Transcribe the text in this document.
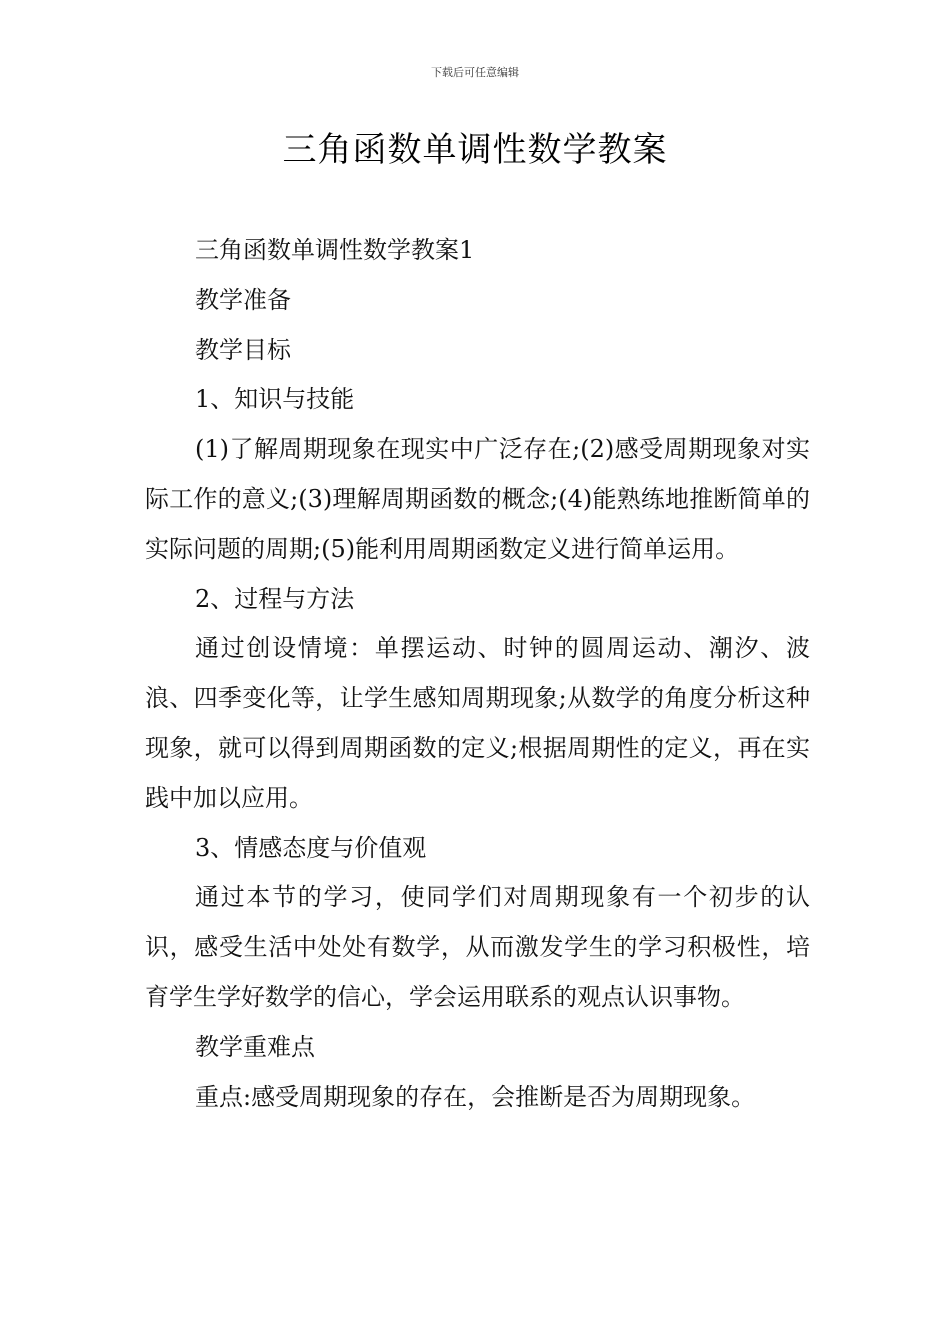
下载后可任意编辑
三角函数单调性数学教案

三角函数单调性数学教案1

教学准备

教学目标

1、知识与技能

(1)了解周期现象在现实中广泛存在;(2)感受周期现象对实际工作的意义;(3)理解周期函数的概念;(4)能熟练地推断简单的实际问题的周期;(5)能利用周期函数定义进行简单运用。

2、过程与方法

通过创设情境：单摆运动、时钟的圆周运动、潮汐、波浪、四季变化等，让学生感知周期现象;从数学的角度分析这种现象，就可以得到周期函数的定义;根据周期性的定义，再在实践中加以应用。

3、情感态度与价值观

通过本节的学习，使同学们对周期现象有一个初步的认识，感受生活中处处有数学，从而激发学生的学习积极性，培育学生学好数学的信心，学会运用联系的观点认识事物。

教学重难点

重点:感受周期现象的存在，会推断是否为周期现象。
